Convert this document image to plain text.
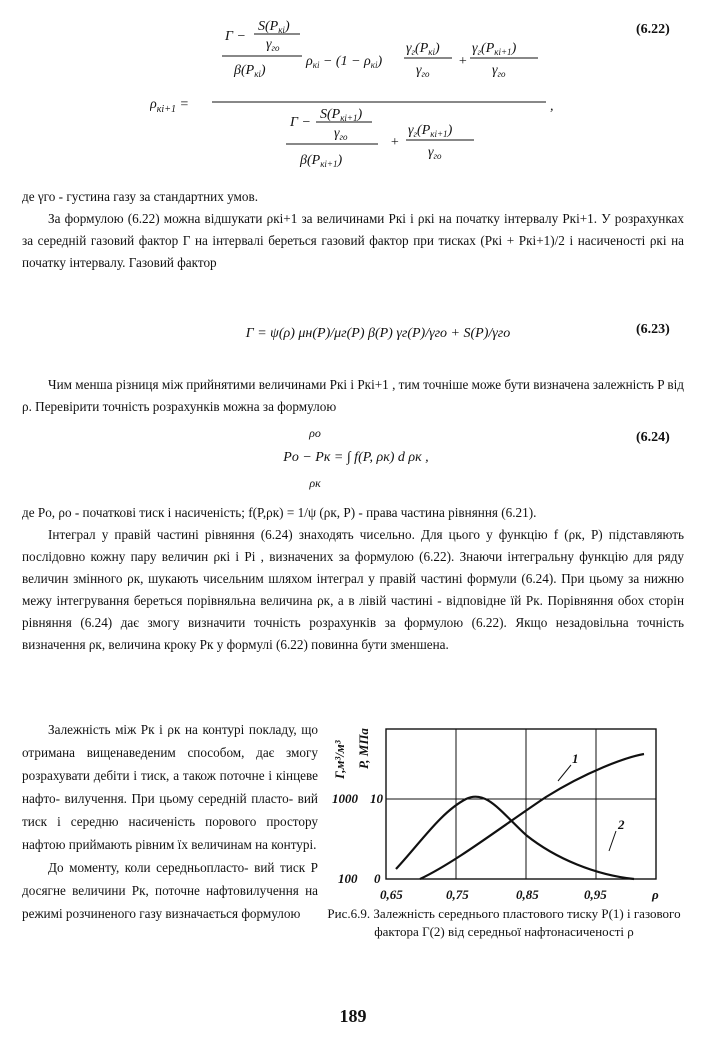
(6.22)
$\rho_{кi+1}$ =
Γ −
$S(P_{кi})$
$\gamma_{го}$
$\beta(P_{кi})$
$\rho_{кi} - (1 - \rho_{кi})$
$\gamma_г(P_{кi})$
$\gamma_{го}$
+
$\gamma_г(P_{кi+1})$
$\gamma_{го}$
Γ −
$S(P_{кi+1})$
$\gamma_{го}$
$\beta(P_{кi+1})$
+
$\gamma_г(P_{кi+1})$
$\gamma_{го}$
,

де γго - густина газу за стандартних умов.

За формулою (6.22) можна відшукати ρкi+1 за величинами Pкi і ρкi на початку інтервалу Pкi+1. У розрахунках за середній газовий фактор Γ на інтервалі береться газовий фактор при тисках (Pкi + Pкi+1)/2 і насиченості ρкi на початку інтервалу. Газовий фактор

(6.23)
Γ = ψ(ρ) μн(P)/μг(P) β(P) γг(P)/γго + S(P)/γго

Чим менша різниця між прийнятими величинами Pкi і Pкi+1 , тим точніше може бути визначена залежність P від ρ. Перевірити точність розрахунків можна за формулою

(6.24)
ρо
Pо − Pк = ∫ f(P, ρк) d ρк ,
ρк

де Pо, ρо - початкові тиск і насиченість; f(P,ρк) = 1/ψ (ρк, P) - права частина рівняння (6.21).

Інтеграл у правій частині рівняння (6.24) знаходять чисельно. Для цього у функцію f (ρк, P) підставляють послідовно кожну пару величин ρкi і Pi , визначених за формулою (6.22). Знаючи інтегральну функцію для ряду величин змінного ρк, шукають чисельним шляхом інтеграл у правій частині формули (6.24). При цьому за нижню межу інтегрування береться порівняльна величина ρк, а в лівій частині - відповідне їй Pк. Порівняння обох сторін рівняння (6.24) дає змогу визначити точність розрахунків за формулою (6.22). Якщо незадовільна точність визначення ρк, величина кроку Pк у формулі (6.22) повинна бути зменшена.

Залежність між Pк і ρк на контурі покладу, що отримана вищенаведеним способом, дає змогу розрахувати дебіти і тиск, а також поточне і кінцеве нафто- вилучення. При цьому середній пласто- вий тиск і середню насиченість порового простору нафтою приймають рівним їх величинам на контурі.

До моменту, коли середньопласто- вий тиск P досягне величини Pк, поточне нафтовилучення на режимі розчиненого газу визначається формулою

1
2
0
10
100
1000
0,65	0,75	0,85	0,95	ρ
Γ,м³/м³ P, МПа
Рис.6.9. Залежність середнього пластового тиску P(1) і газового фактора Γ(2) від середньої нафтонасиченості ρ
189
